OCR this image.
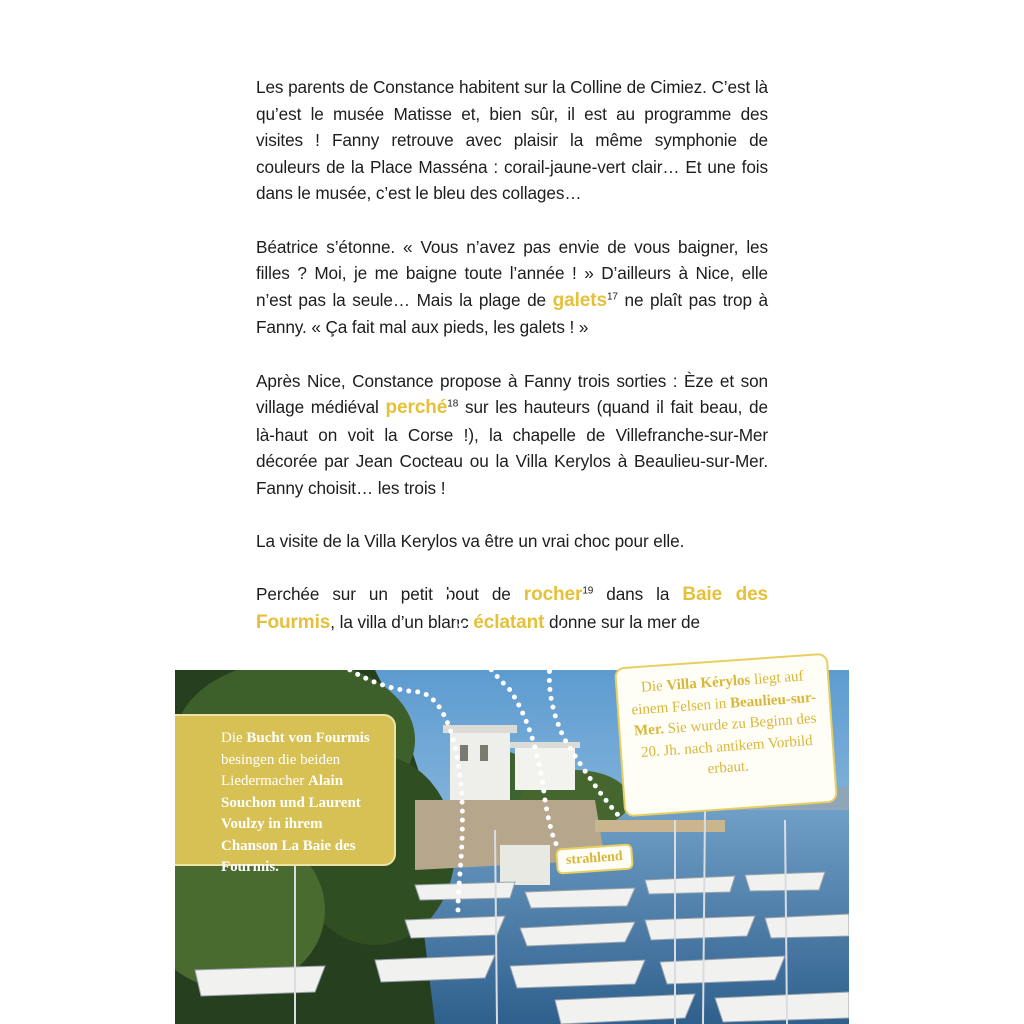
Les parents de Constance habitent sur la Colline de Cimiez. C’est là qu’est le musée Matisse et, bien sûr, il est au programme des visites ! Fanny retrouve avec plaisir la même symphonie de couleurs de la Place Masséna : corail-jaune-vert clair… Et une fois dans le musée, c’est le bleu des collages…

Béatrice s’étonne. « Vous n’avez pas envie de vous baigner, les filles ? Moi, je me baigne toute l’année ! » D’ailleurs à Nice, elle n’est pas la seule… Mais la plage de galets$^{17}$ ne plaît pas trop à Fanny. « Ça fait mal aux pieds, les galets ! »

Après Nice, Constance propose à Fanny trois sorties : Èze et son village médiéval perché$^{18}$ sur les hauteurs (quand il fait beau, de là-haut on voit la Corse !), la chapelle de Villefranche-sur-Mer décorée par Jean Cocteau ou la Villa Kerylos à Beaulieu-sur-Mer. Fanny choisit… les trois !

La visite de la Villa Kerylos va être un vrai choc pour elle.

Perchée sur un petit bout de rocher$^{19}$ dans la Baie des Fourmis, la villa d’un blanc éclatant donne sur la mer de

Die Bucht von Fourmis besingen die beiden Liedermacher Alain Souchon und Laurent Voulzy in ihrem Chanson La Baie des Fourmis.
Die Villa Kérylos liegt auf einem Felsen in Beaulieu-sur-Mer. Sie wurde zu Beginn des 20. Jh. nach antikem Vorbild erbaut.
strahlend
